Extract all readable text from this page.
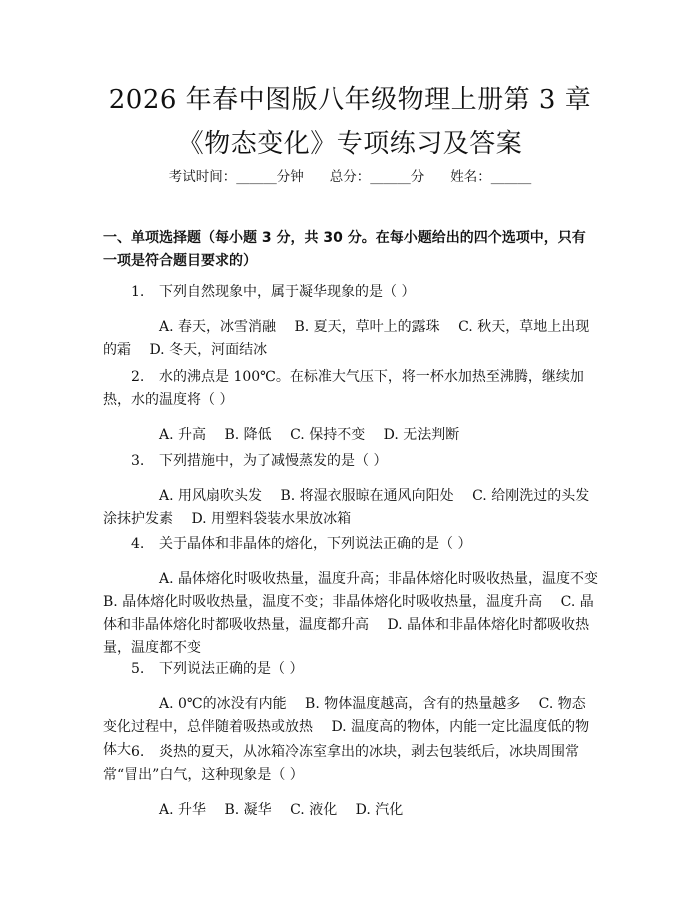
2026 年春中图版八年级物理上册第 3 章《物态变化》专项练习及答案
考试时间：______分钟 总分：______分 姓名：______
一、单项选择题（每小题 3 分，共 30 分。在每小题给出的四个选项中，只有一项是符合题目要求的）
1. 下列自然现象中，属于凝华现象的是（ ）
A. 春天，冰雪消融　 B. 夏天，草叶上的露珠　 C. 秋天，草地上出现的霜　 D. 冬天，河面结冰
2. 水的沸点是 100℃。在标准大气压下，将一杯水加热至沸腾，继续加热，水的温度将（ ）
A. 升高　 B. 降低　 C. 保持不变　 D. 无法判断
3. 下列措施中，为了减慢蒸发的是（ ）
A. 用风扇吹头发　 B. 将湿衣服晾在通风向阳处　 C. 给刚洗过的头发涂抹护发素　 D. 用塑料袋装水果放冰箱
4. 关于晶体和非晶体的熔化，下列说法正确的是（ ）
A. 晶体熔化时吸收热量，温度升高；非晶体熔化时吸收热量，温度不变　 B. 晶体熔化时吸收热量，温度不变；非晶体熔化时吸收热量，温度升高　 C. 晶体和非晶体熔化时都吸收热量，温度都升高　 D. 晶体和非晶体熔化时都吸收热量，温度都不变
5. 下列说法正确的是（ ）
A. 0℃的冰没有内能　 B. 物体温度越高，含有的热量越多　 C. 物态变化过程中，总伴随着吸热或放热　 D. 温度高的物体，内能一定比温度低的物体大 6. 炎热的夏天，从冰箱冷冻室拿出的冰块，剥去包装纸后，冰块周围常常“冒出”白气，这种现象是（ ）
A. 升华　 B. 凝华　 C. 液化　 D. 汽化
